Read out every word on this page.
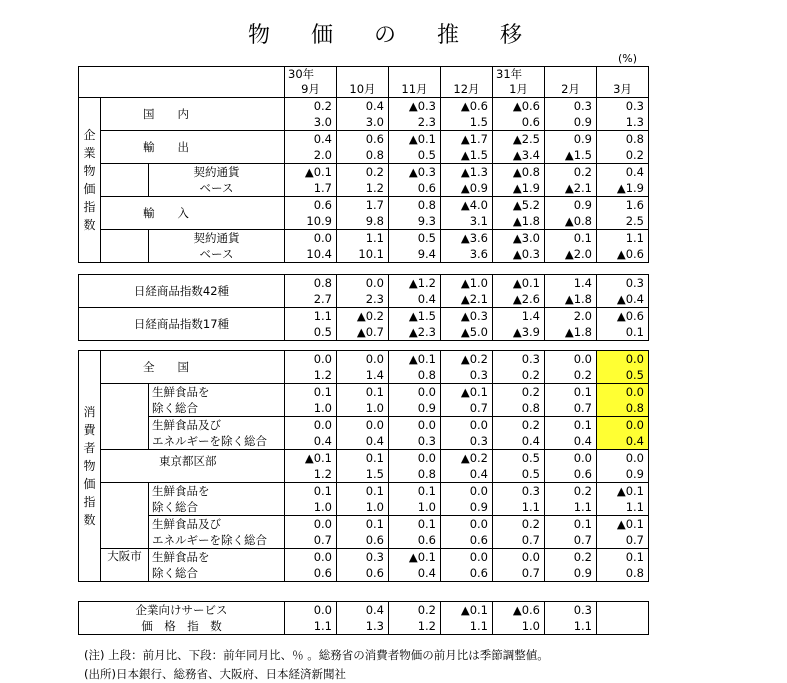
物 価 の 推 移
(%)
			30年				31年		
			9月	10月	11月	12月	1月	2月	3月
企業物価指数	国　　内		0.2	0.4	▲0.3	▲0.6	▲0.6	0.3	0.3
			3.0	3.0	2.3	1.5	0.6	0.9	1.3
	輸　　出		0.4	0.6	▲0.1	▲1.7	▲2.5	0.9	0.8
			2.0	0.8	0.5	▲1.5	▲3.4	▲1.5	0.2
		契約通貨	▲0.1	0.2	▲0.3	▲1.3	▲0.8	0.2	0.4
		ベース	1.7	1.2	0.6	▲0.9	▲1.9	▲2.1	▲1.9
	輸　　入		0.6	1.7	0.8	▲4.0	▲5.2	0.9	1.6
			10.9	9.8	9.3	3.1	▲1.8	▲0.8	2.5
		契約通貨	0.0	1.1	0.5	▲3.6	▲3.0	0.1	1.1
		ベース	10.4	10.1	9.4	3.6	▲0.3	▲2.0	▲0.6
日経商品指数42種	0.8	0.0	▲1.2	▲1.0	▲0.1	1.4	0.3
	2.7	2.3	0.4	▲2.1	▲2.6	▲1.8	▲0.4
日経商品指数17種	1.1	▲0.2	▲1.5	▲0.3	1.4	2.0	▲0.6
	0.5	▲0.7	▲2.3	▲5.0	▲3.9	▲1.8	0.1
消費者物価指数	全　　国		0.0	0.0	▲0.1	▲0.2	0.3	0.0	0.0
			1.2	1.4	0.8	0.3	0.2	0.2	0.5
		生鮮食品を	0.1	0.1	0.0	▲0.1	0.2	0.1	0.0
		除く総合	1.0	1.0	0.9	0.7	0.8	0.7	0.8
		生鮮食品及び	0.0	0.0	0.0	0.0	0.2	0.1	0.0
		エネルギーを除く総合	0.4	0.4	0.3	0.3	0.4	0.4	0.4
	東京都区部		▲0.1	0.1	0.0	▲0.2	0.5	0.0	0.0
			1.2	1.5	0.8	0.4	0.5	0.6	0.9
		生鮮食品を	0.1	0.1	0.1	0.0	0.3	0.2	▲0.1
		除く総合	1.0	1.0	1.0	0.9	1.1	1.1	1.1
		生鮮食品及び	0.0	0.1	0.1	0.0	0.2	0.1	▲0.1
		エネルギーを除く総合	0.7	0.6	0.6	0.6	0.7	0.7	0.7
	大阪市	生鮮食品を	0.0	0.3	▲0.1	0.0	0.0	0.2	0.1
		除く総合	0.6	0.6	0.4	0.6	0.7	0.9	0.8
企業向けサービス	0.0	0.4	0.2	▲0.1	▲0.6	0.3	
価　格　指　数	1.1	1.3	1.2	1.1	1.0	1.1	
(注) 上段：前月比、下段：前年同月比、％ 。総務省の消費者物価の前月比は季節調整値。
(出所)日本銀行、総務省、大阪府、日本経済新聞社
